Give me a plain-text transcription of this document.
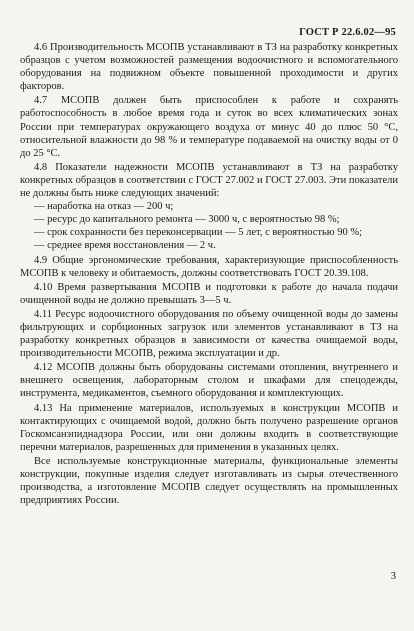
ГОСТ Р 22.6.02—95

4.6 Производительность МСОПВ устанавливают в ТЗ на разработку конкретных образцов с учетом возможностей размещения водоочистного и вспомогательного оборудования на подвижном объекте повышенной проходимости и других факторов.

4.7 МСОПВ должен быть приспособлен к работе и сохранять работоспособность в любое время года и суток во всех климатических зонах России при температурах окружающего воздуха от минус 40 до плюс 50 °С, относительной влажности до 98 % и температуре подаваемой на очистку воды от 0 до 25 °С.

4.8 Показатели надежности МСОПВ устанавливают в ТЗ на разработку конкретных образцов в соответствии с ГОСТ 27.002 и ГОСТ 27.003. Эти показатели не должны быть ниже следующих значений:

— наработка на отказ — 200 ч;

— ресурс до капитального ремонта — 3000 ч, с вероятностью 98 %;

— срок сохранности без переконсервации — 5 лет, с вероятностью 90 %;

— среднее время восстановления — 2 ч.

4.9 Общие эргономические требования, характеризующие приспособленность МСОПВ к человеку и обитаемость, должны соответствовать ГОСТ 20.39.108.

4.10 Время развертывания МСОПВ и подготовки к работе до начала подачи очищенной воды не должно превышать 3—5 ч.

4.11 Ресурс водоочистного оборудования по объему очищенной воды до замены фильтрующих и сорбционных загрузок или элементов устанавливают в ТЗ на разработку конкретных образцов в зависимости от качества очищаемой воды, производительности МСОПВ, режима эксплуатации и др.

4.12 МСОПВ должны быть оборудованы системами отопления, внутреннего и внешнего освещения, лабораторным столом и шкафами для спецодежды, инструмента, медикаментов, съемного оборудования и комплектующих.

4.13 На применение материалов, используемых в конструкции МСОПВ и контактирующих с очищаемой водой, должно быть получено разрешение органов Госкомсанэпиднадзора России, или они должны входить в соответствующие перечни материалов, разрешенных для применения в указанных целях.

Все используемые конструкционные материалы, функциональные элементы конструкции, покупные изделия следует изготавливать из сырья отечественного производства, а изготовление МСОПВ следует осуществлять на промышленных предприятиях России.

3
